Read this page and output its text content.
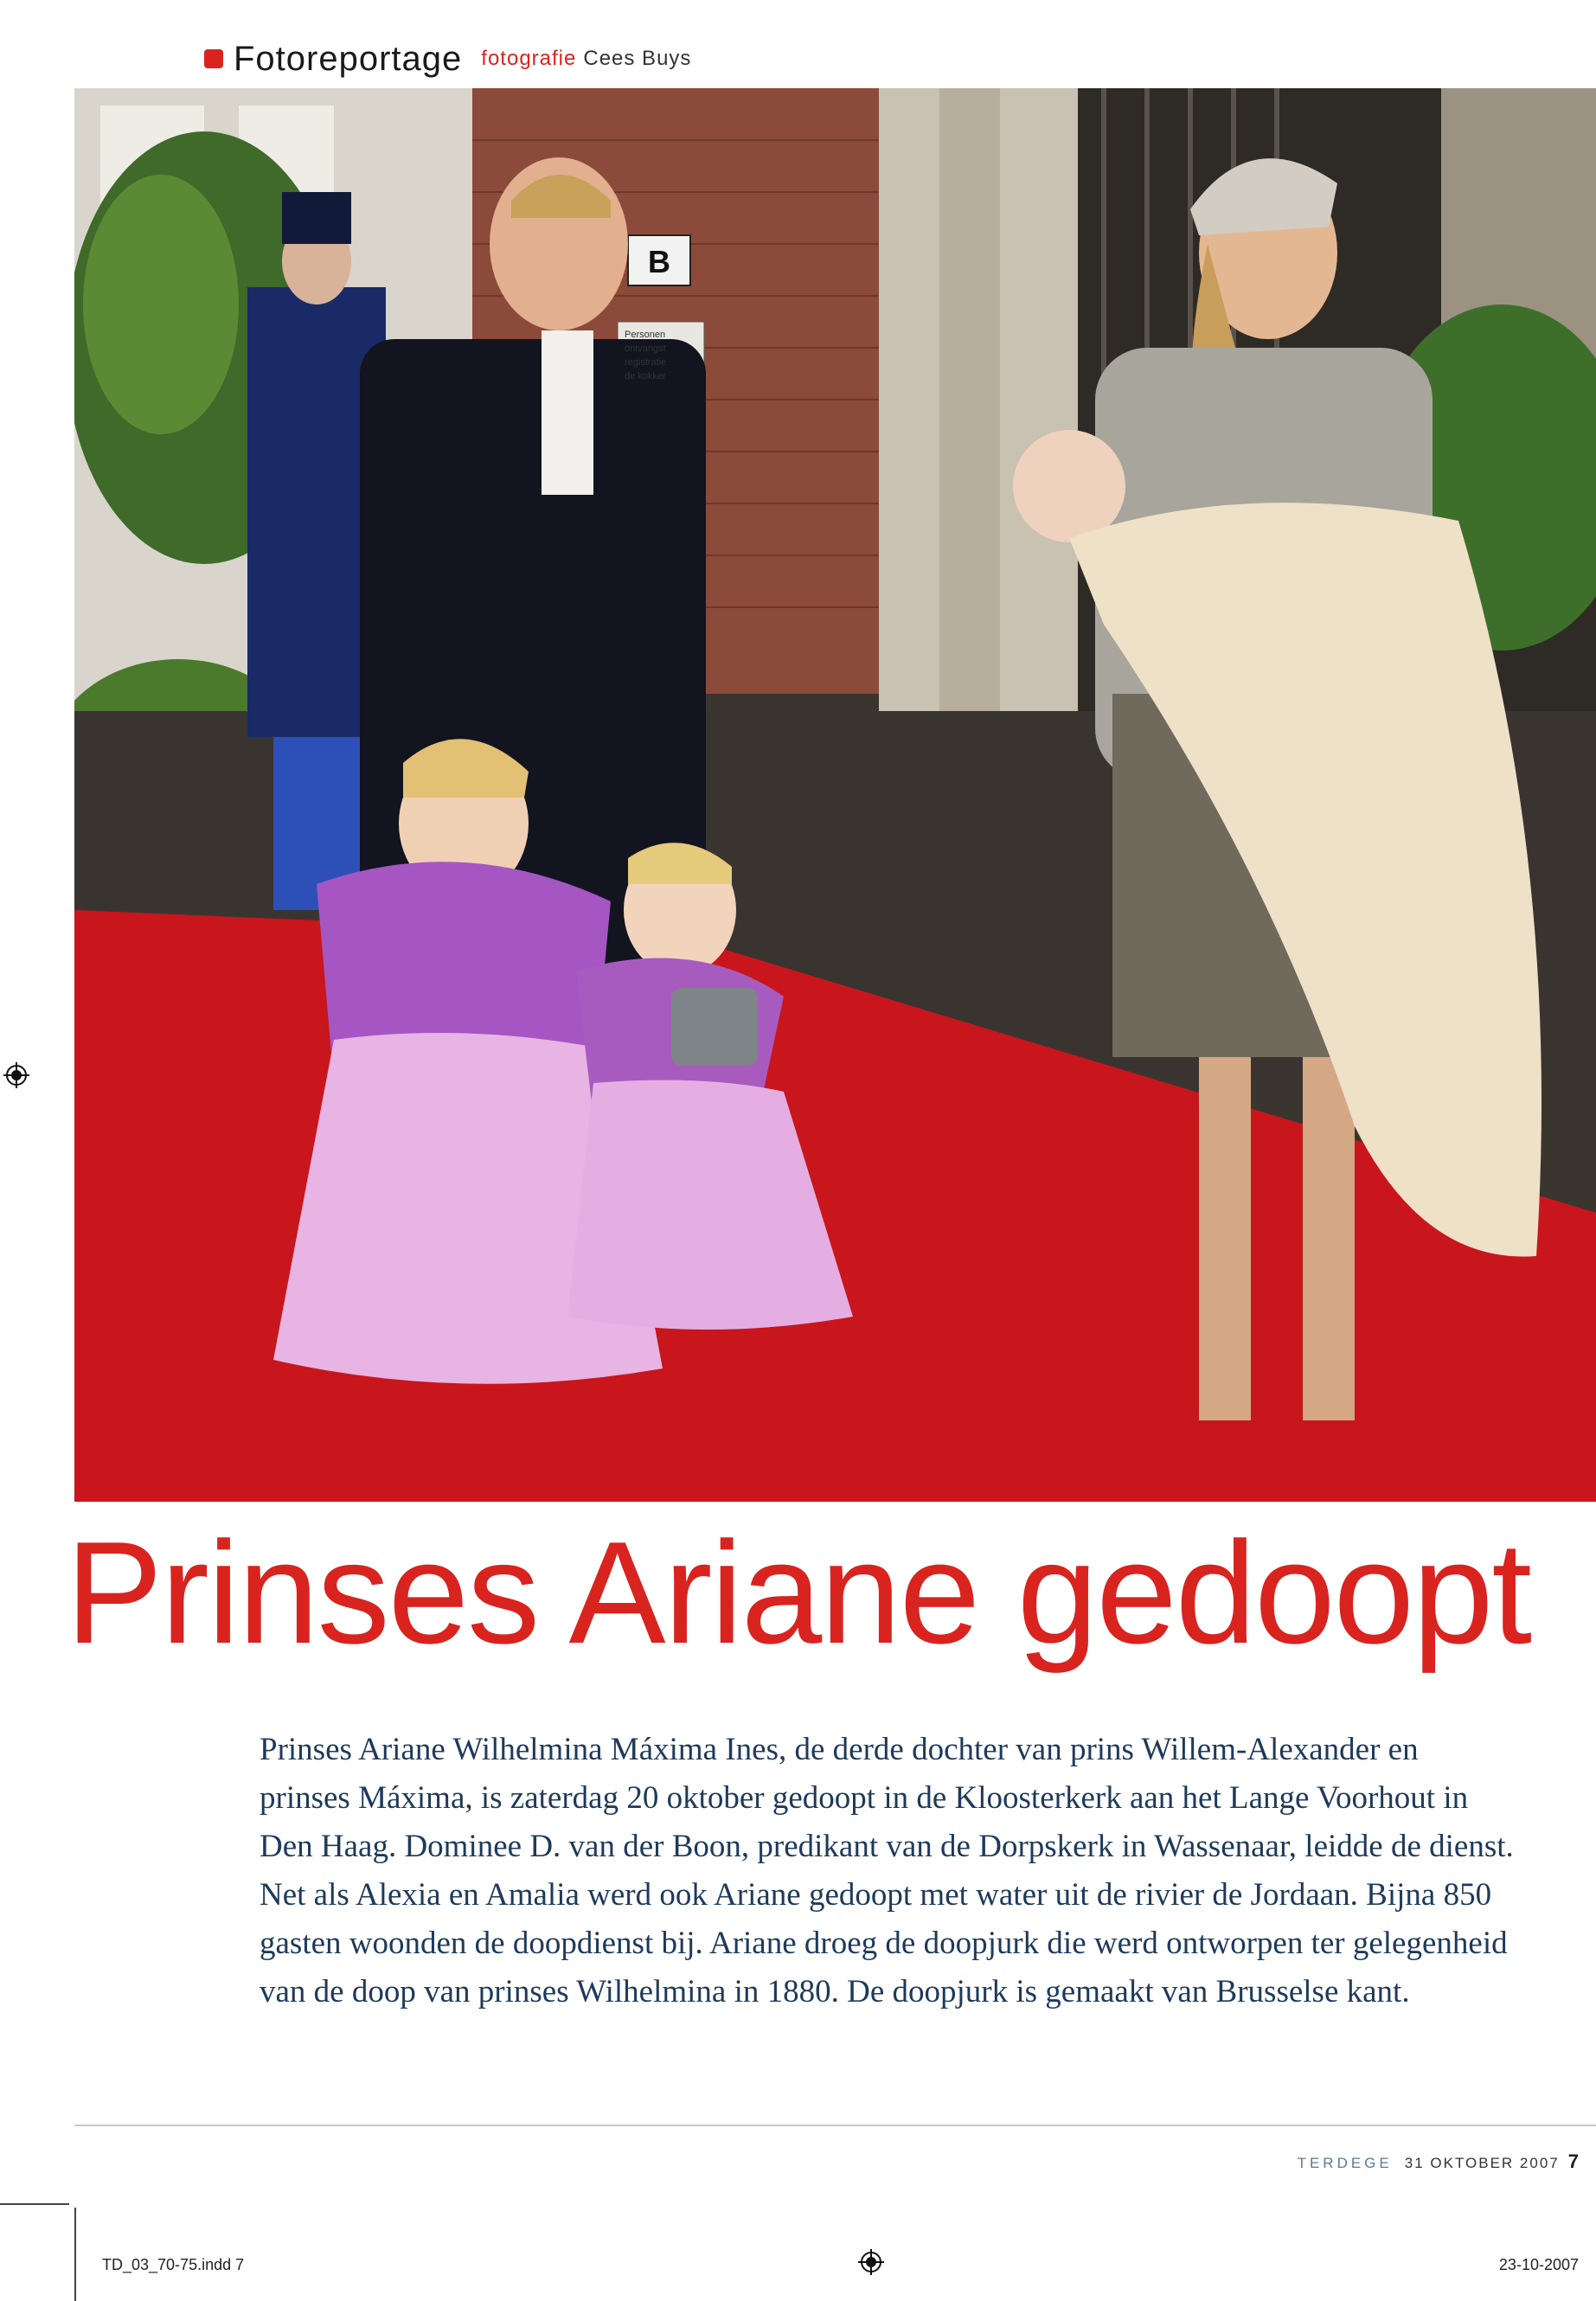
Fotoreportage fotografie Cees Buys
B
Personen
ontvangst
registratie
de kokker
Prinses Ariane gedoopt

Prinses Ariane Wilhelmina Máxima Ines, de derde dochter van prins Willem-Alexander en prinses Máxima, is zaterdag 20 oktober gedoopt in de Kloosterkerk aan het Lange Voorhout in Den Haag. Dominee D. van der Boon, predikant van de Dorpskerk in Wassenaar, leidde de dienst. Net als Alexia en Amalia werd ook Ariane gedoopt met water uit de rivier de Jordaan. Bijna 850 gasten woonden de doopdienst bij. Ariane droeg de doopjurk die werd ontworpen ter gelegenheid van de doop van prinses Wilhelmina in 1880. De doopjurk is gemaakt van Brusselse kant.

TERDEGE 31 OKTOBER 2007 7
TD_03_70-75.indd 7	23-10-2007
